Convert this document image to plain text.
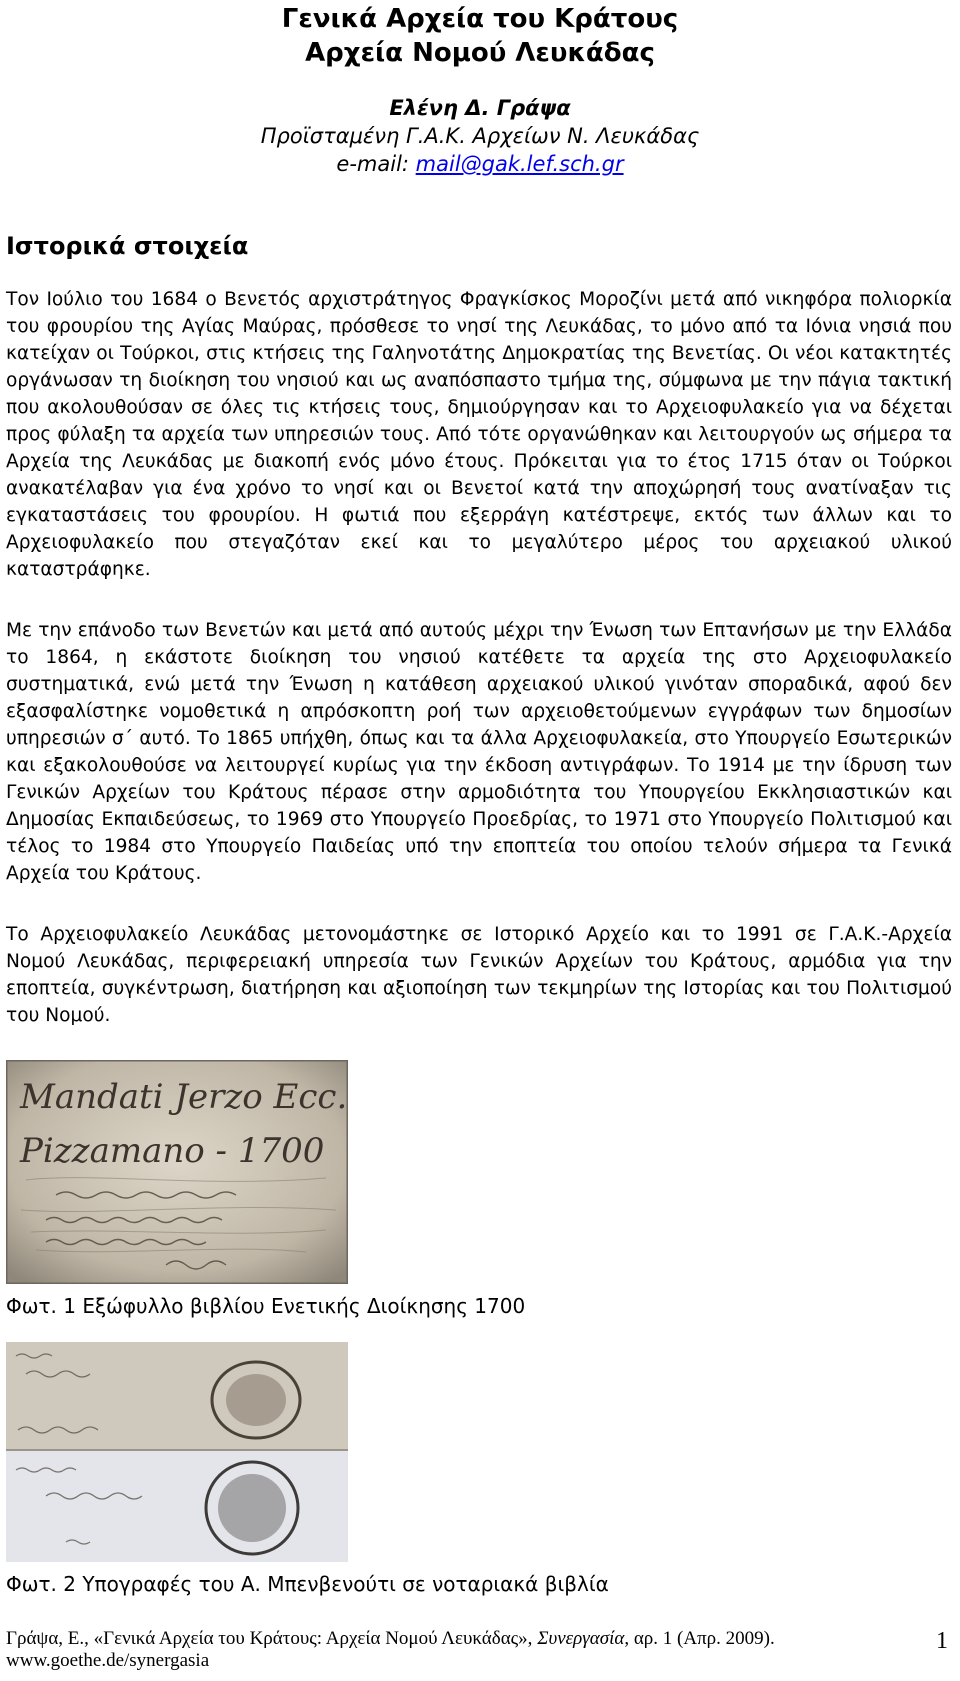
Γενικά Αρχεία του Κράτους
Αρχεία Νομού Λευκάδας
Ελένη Δ. Γράψα
Προϊσταμένη Γ.Α.Κ. Αρχείων Ν. Λευκάδας
e-mail: mail@gak.lef.sch.gr
Ιστορικά στοιχεία

Τον Ιούλιο του 1684 ο Βενετός αρχιστράτηγος Φραγκίσκος Μοροζίνι μετά από νικηφόρα πολιορκία του φρουρίου της Αγίας Μαύρας, πρόσθεσε το νησί της Λευκάδας, το μόνο από τα Ιόνια νησιά που κατείχαν οι Τούρκοι, στις κτήσεις της Γαληνοτάτης Δημοκρατίας της Βενετίας. Οι νέοι κατακτητές οργάνωσαν τη διοίκηση του νησιού και ως αναπόσπαστο τμήμα της, σύμφωνα με την πάγια τακτική που ακολουθούσαν σε όλες τις κτήσεις τους, δημιούργησαν και το Αρχειοφυλακείο για να δέχεται προς φύλαξη τα αρχεία των υπηρεσιών τους. Από τότε οργανώθηκαν και λειτουργούν ως σήμερα τα Αρχεία της Λευκάδας με διακοπή ενός μόνο έτους. Πρόκειται για το έτος 1715 όταν οι Τούρκοι ανακατέλαβαν για ένα χρόνο το νησί και οι Βενετοί κατά την αποχώρησή τους ανατίναξαν τις εγκαταστάσεις του φρουρίου. Η φωτιά που εξερράγη κατέστρεψε, εκτός των άλλων και το Αρχειοφυλακείο που στεγαζόταν εκεί και το μεγαλύτερο μέρος του αρχειακού υλικού καταστράφηκε.

Με την επάνοδο των Βενετών και μετά από αυτούς μέχρι την Ένωση των Επτανήσων με την Ελλάδα το 1864, η εκάστοτε διοίκηση του νησιού κατέθετε τα αρχεία της στο Αρχειοφυλακείο συστηματικά, ενώ μετά την Ένωση η κατάθεση αρχειακού υλικού γινόταν σποραδικά, αφού δεν εξασφαλίστηκε νομοθετικά η απρόσκοπτη ροή των αρχειοθετούμενων εγγράφων των δημοσίων υπηρεσιών σ΄ αυτό. Το 1865 υπήχθη, όπως και τα άλλα Αρχειοφυλακεία, στο Υπουργείο Εσωτερικών και εξακολουθούσε να λειτουργεί κυρίως για την έκδοση αντιγράφων. Το 1914 με την ίδρυση των Γενικών Αρχείων του Κράτους πέρασε στην αρμοδιότητα του Υπουργείου Εκκλησιαστικών και Δημοσίας Εκπαιδεύσεως, το 1969 στο Υπουργείο Προεδρίας, το 1971 στο Υπουργείο Πολιτισμού και τέλος το 1984 στο Υπουργείο Παιδείας υπό την εποπτεία του οποίου τελούν σήμερα τα Γενικά Αρχεία του Κράτους.

Το Αρχειοφυλακείο Λευκάδας μετονομάστηκε σε Ιστορικό Αρχείο και το 1991 σε Γ.Α.Κ.-Αρχεία Νομού Λευκάδας, περιφερειακή υπηρεσία των Γενικών Αρχείων του Κράτους, αρμόδια για την εποπτεία, συγκέντρωση, διατήρηση και αξιοποίηση των τεκμηρίων της Ιστορίας και του Πολιτισμού του Νομού.

Mandati Jerzo Ecc.
Pizzamano - 1700
Φωτ. 1 Εξώφυλλο βιβλίου Ενετικής Διοίκησης 1700
Φωτ. 2 Υπογραφές του Α. Μπενβενούτι σε νοταριακά βιβλία
Γράψα, Ε., «Γενικά Αρχεία του Κράτους: Αρχεία Νομού Λευκάδας», Συνεργασία, αρ. 1 (Απρ. 2009).
www.goethe.de/synergasia
1
